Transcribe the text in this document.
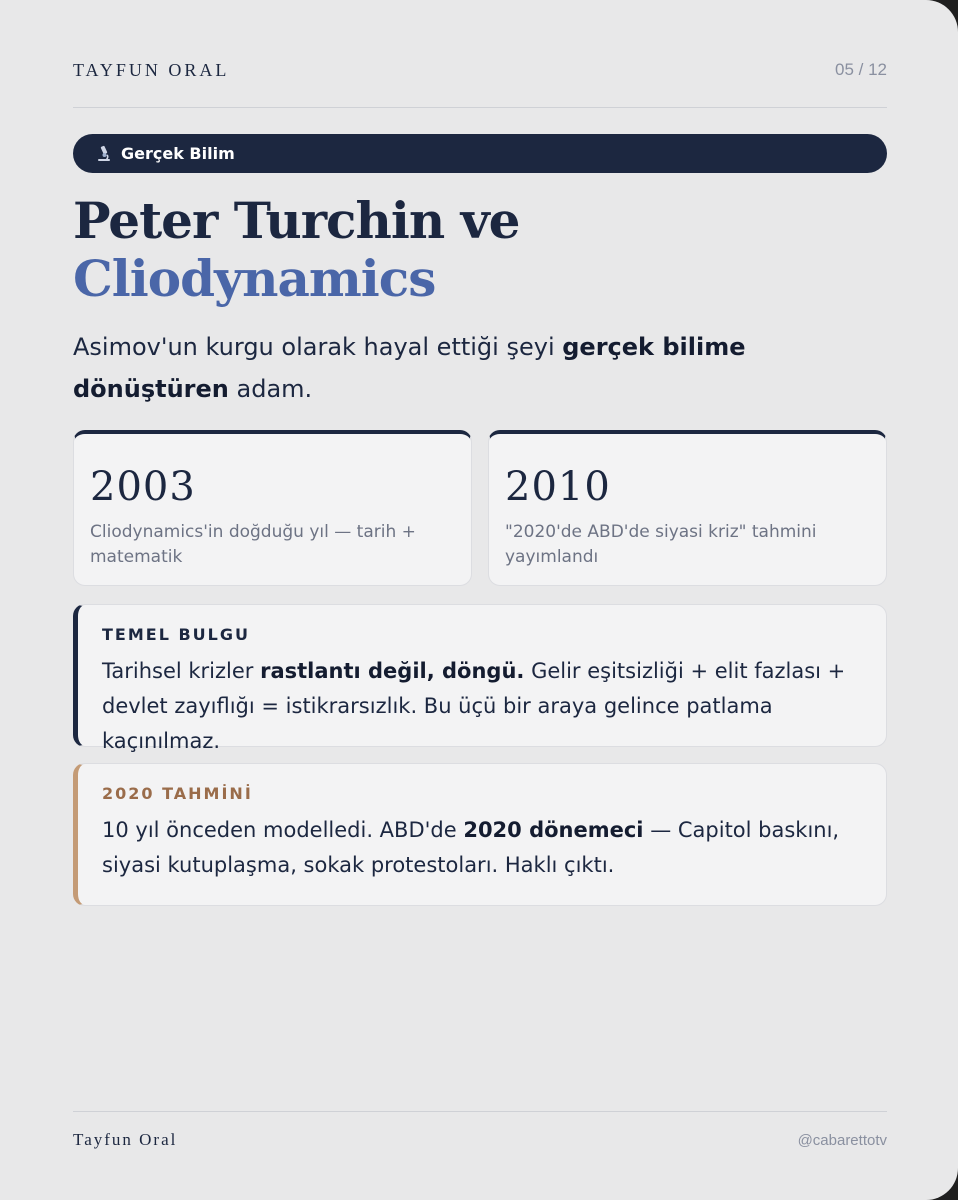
TAYFUN ORAL	05 / 12
Gerçek Bilim
Peter Turchin ve
Cliodynamics

Asimov'un kurgu olarak hayal ettiği şeyi gerçek bilime dönüştüren adam.

2003
Cliodynamics'in doğduğu yıl — tarih + matematik
2010
"2020'de ABD'de siyasi kriz" tahmini yayımlandı
TEMEL BULGU

Tarihsel krizler rastlantı değil, döngü. Gelir eşitsizliği + elit fazlası + devlet zayıflığı = istikrarsızlık. Bu üçü bir araya gelince patlama kaçınılmaz.

2020 TAHMİNİ

10 yıl önceden modelledi. ABD'de 2020 dönemeci — Capitol baskını, siyasi kutuplaşma, sokak protestoları. Haklı çıktı.

Tayfun Oral	@cabarettotv
